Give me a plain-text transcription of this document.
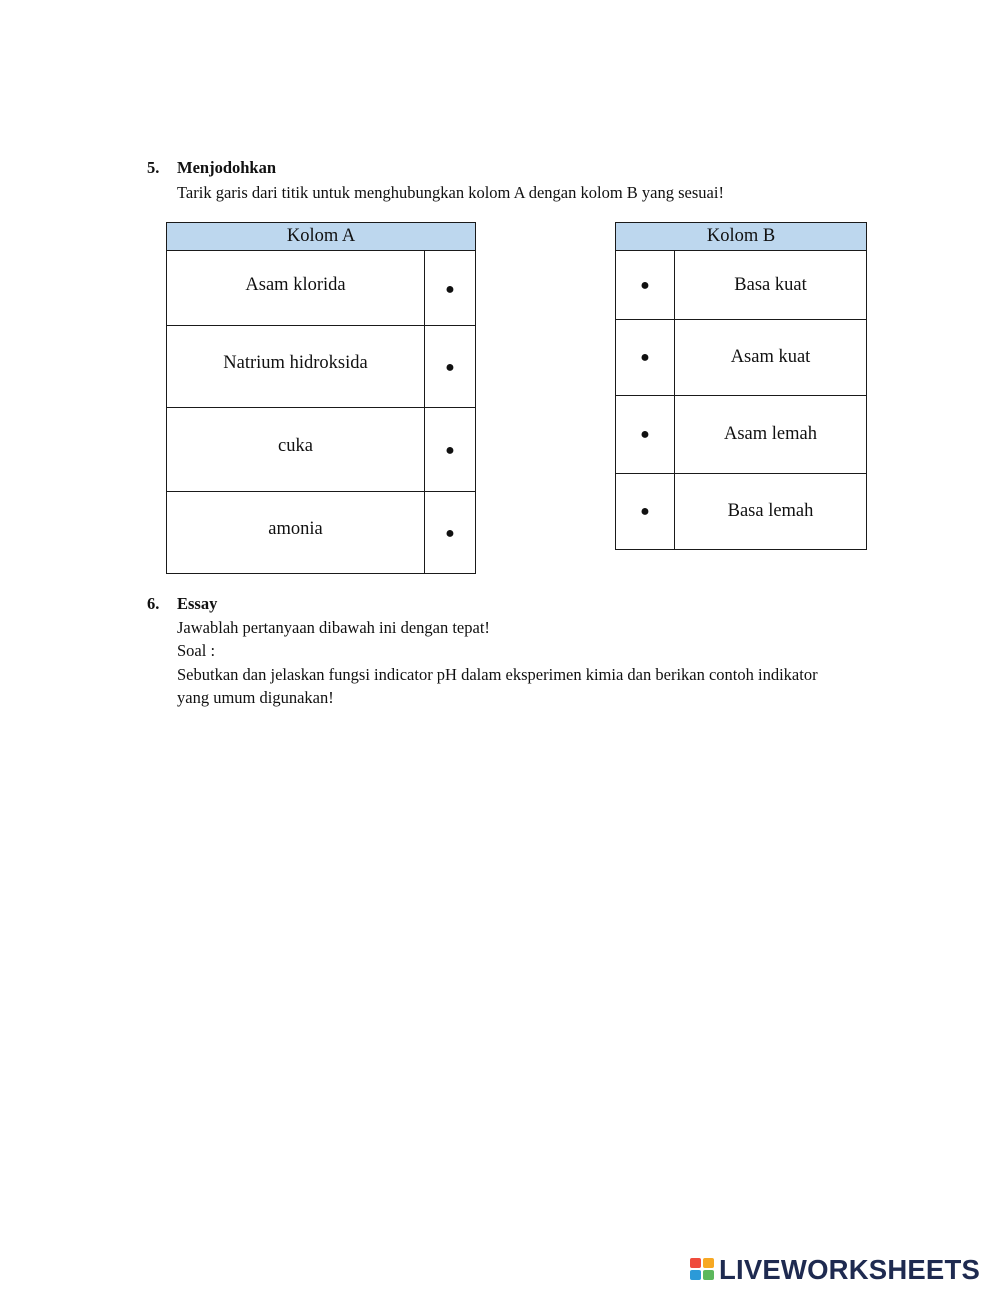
5. Menjodohkan
Tarik garis dari titik untuk menghubungkan kolom A dengan kolom B yang sesuai!
Kolom A	
Asam klorida	●
Natrium hidroksida	●
cuka	●
amonia	●
Kolom B	
●	Basa kuat
●	Asam kuat
●	Asam lemah
●	Basa lemah
6. Essay
Jawablah pertanyaan dibawah ini dengan tepat!
Soal :
Sebutkan dan jelaskan fungsi indicator pH dalam eksperimen kimia dan berikan contoh indikator
yang umum digunakan!
LIVEWORKSHEETS
